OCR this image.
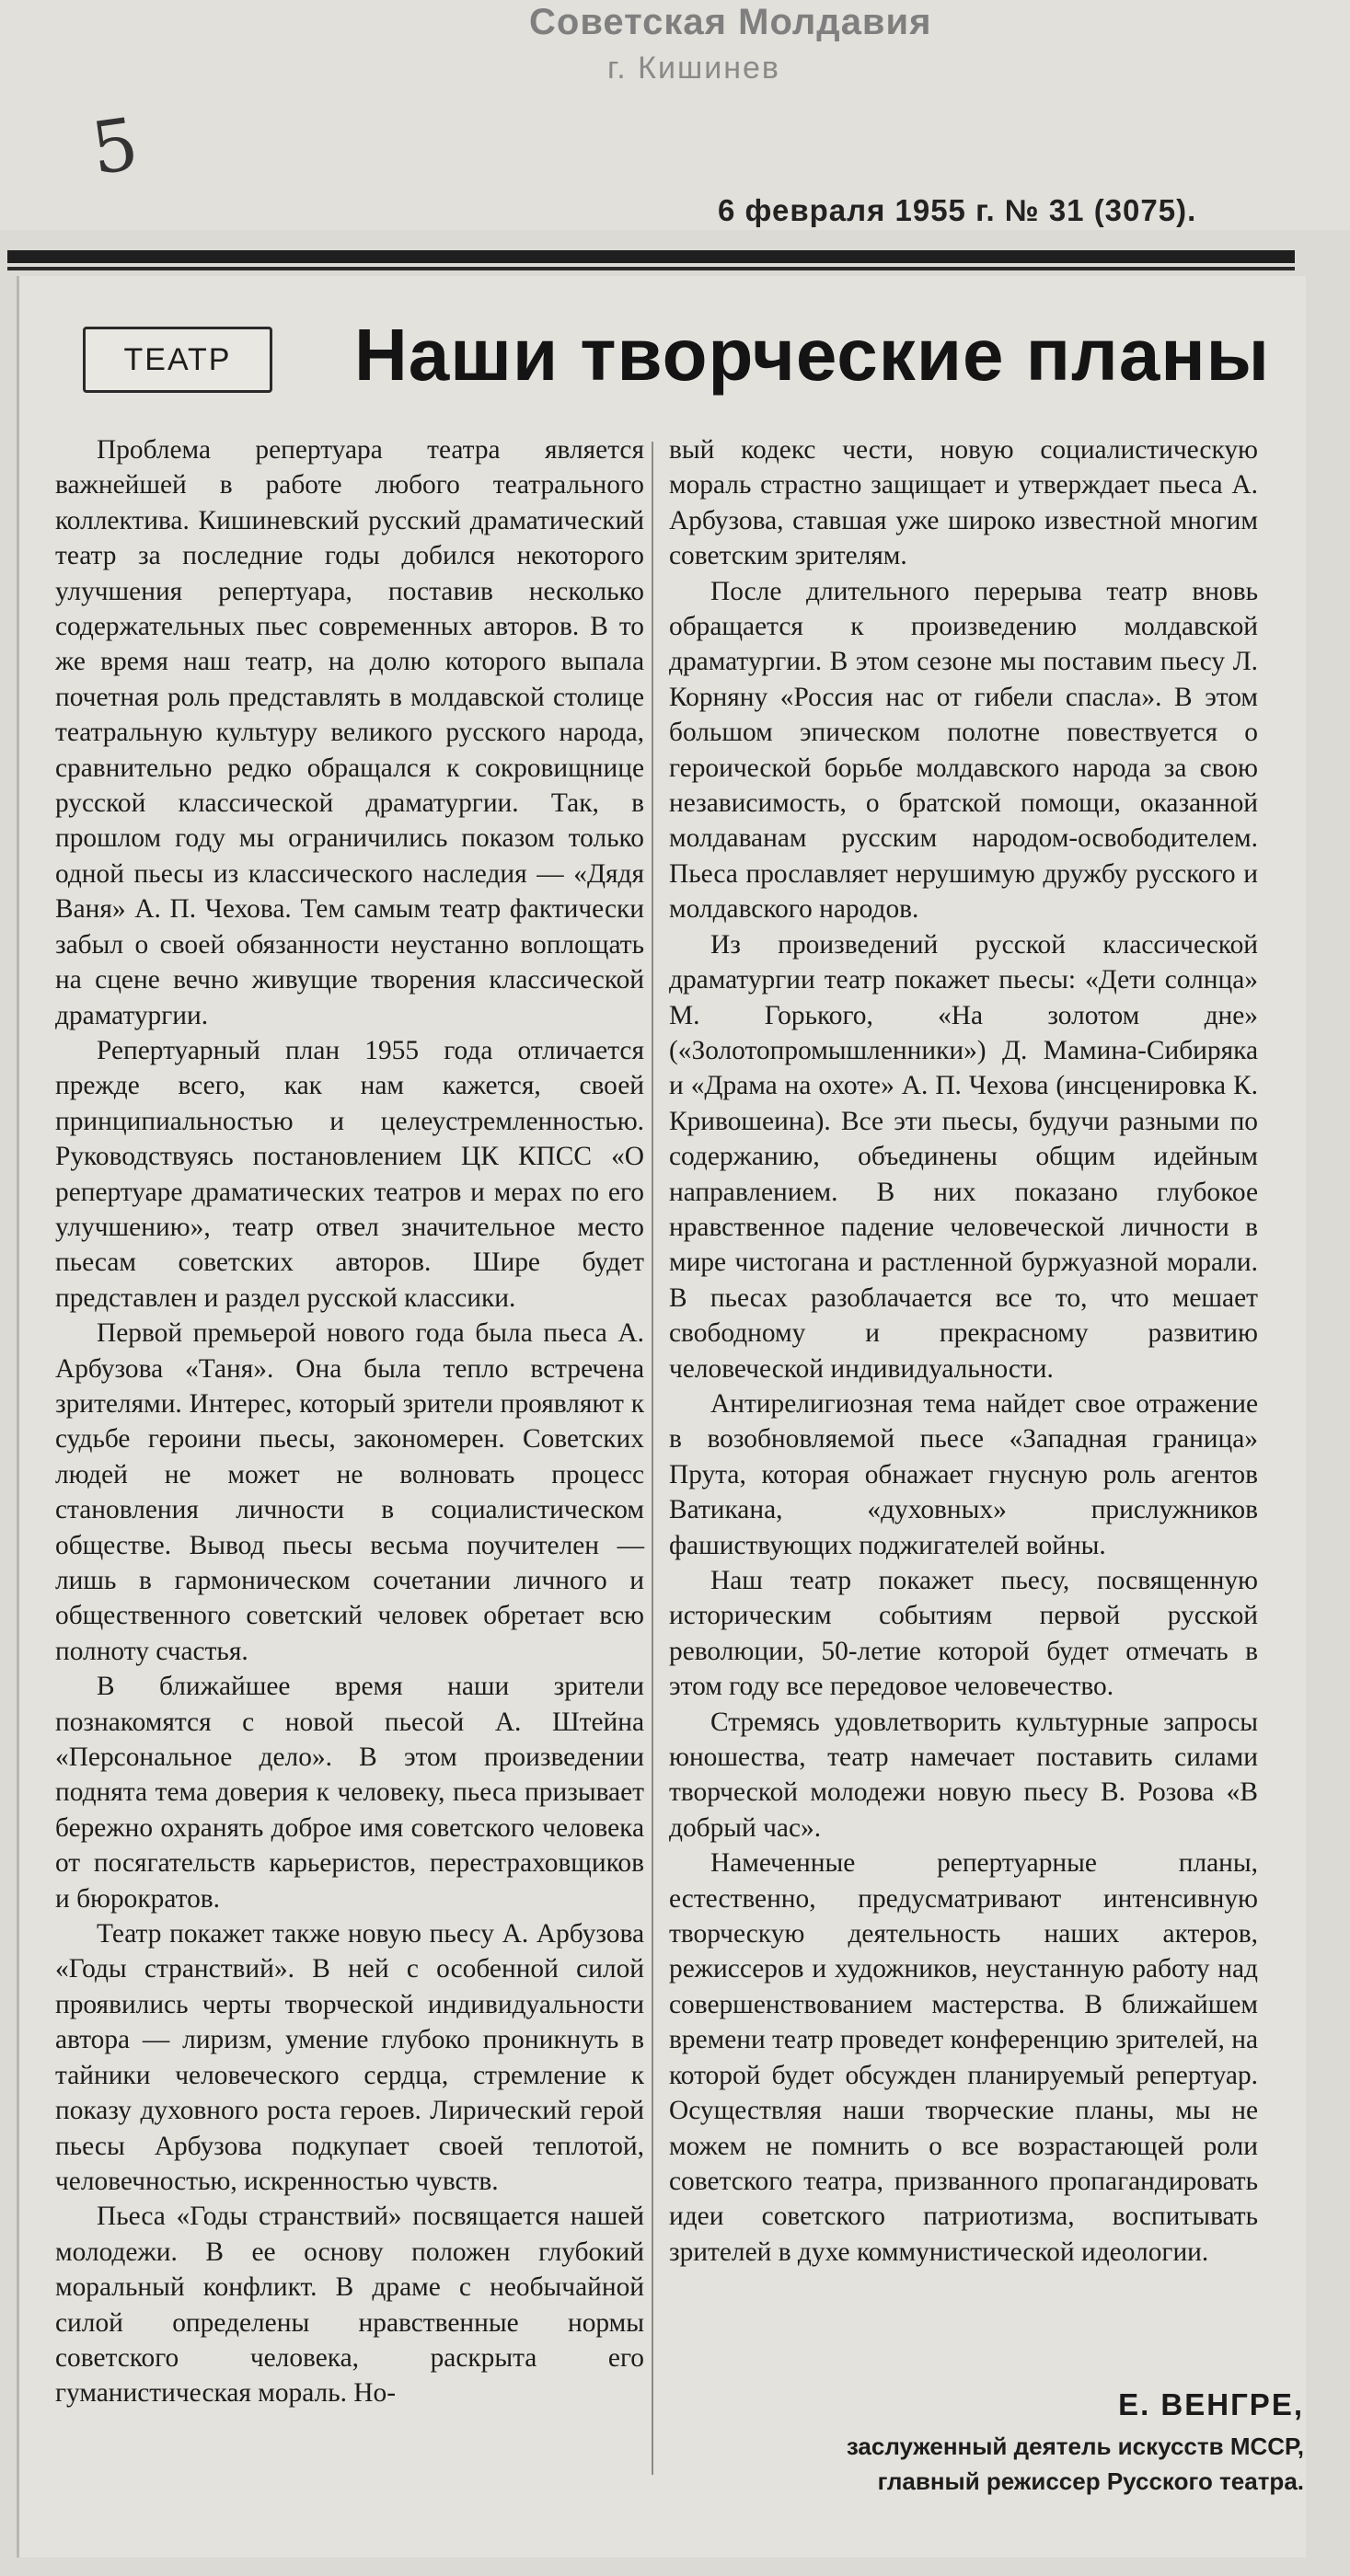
Советская Молдавия
г. Кишинев
5
6 февраля 1955 г. № 31 (3075).
ТЕАТР	Наши творческие планы

Проблема репертуара театра является важнейшей в работе любого театрального коллектива. Кишиневский русский драматический театр за последние годы добился некоторого улучшения репертуара, поставив несколько содержательных пьес современных авторов. В то же время наш театр, на долю которого выпала почетная роль представлять в молдавской столице театральную культуру великого русского народа, сравнительно редко обращался к сокровищнице русской классической драматургии. Так, в прошлом году мы ограничились показом только одной пьесы из классического наследия — «Дядя Ваня» А. П. Чехова. Тем самым театр фактически забыл о своей обязанности неустанно воплощать на сцене вечно живущие творения классической драматургии.

Репертуарный план 1955 года отличается прежде всего, как нам кажется, своей принципиальностью и целеустремленностью. Руководствуясь постановлением ЦК КПСС «О репертуаре драматических театров и мерах по его улучшению», театр отвел значительное место пьесам советских авторов. Шире будет представлен и раздел русской классики.

Первой премьерой нового года была пьеса А. Арбузова «Таня». Она была тепло встречена зрителями. Интерес, который зрители проявляют к судьбе героини пьесы, закономерен. Советских людей не может не волновать процесс становления личности в социалистическом обществе. Вывод пьесы весьма поучителен — лишь в гармоническом сочетании личного и общественного советский человек обретает всю полноту счастья.

В ближайшее время наши зрители познакомятся с новой пьесой А. Штейна «Персональное дело». В этом произведении поднята тема доверия к человеку, пьеса призывает бережно охранять доброе имя советского человека от посягательств карьеристов, перестраховщиков и бюрократов.

Театр покажет также новую пьесу А. Арбузова «Годы странствий». В ней с особенной силой проявились черты творческой индивидуальности автора — лиризм, умение глубоко проникнуть в тайники человеческого сердца, стремление к показу духовного роста героев. Лирический герой пьесы Арбузова подкупает своей теплотой, человечностью, искренностью чувств.

Пьеса «Годы странствий» посвящается нашей молодежи. В ее основу положен глубокий моральный конфликт. В драме с необычайной силой определены нравственные нормы советского человека, раскрыта его гуманистическая мораль. Но-

вый кодекс чести, новую социалистическую мораль страстно защищает и утверждает пьеса А. Арбузова, ставшая уже широко известной многим советским зрителям.

После длительного перерыва театр вновь обращается к произведению молдавской драматургии. В этом сезоне мы поставим пьесу Л. Корняну «Россия нас от гибели спасла». В этом большом эпическом полотне повествуется о героической борьбе молдавского народа за свою независимость, о братской помощи, оказанной молдаванам русским народом-освободителем. Пьеса прославляет нерушимую дружбу русского и молдавского народов.

Из произведений русской классической драматургии театр покажет пьесы: «Дети солнца» М. Горького, «На золотом дне» («Золотопромышленники») Д. Мамина-Сибиряка и «Драма на охоте» А. П. Чехова (инсценировка К. Кривошеина). Все эти пьесы, будучи разными по содержанию, объединены общим идейным направлением. В них показано глубокое нравственное падение человеческой личности в мире чистогана и растленной буржуазной морали. В пьесах разоблачается все то, что мешает свободному и прекрасному развитию человеческой индивидуальности.

Антирелигиозная тема найдет свое отражение в возобновляемой пьесе «Западная граница» Прута, которая обнажает гнусную роль агентов Ватикана, «духовных» прислужников фашиствующих поджигателей войны.

Наш театр покажет пьесу, посвященную историческим событиям первой русской революции, 50-летие которой будет отмечать в этом году все передовое человечество.

Стремясь удовлетворить культурные запросы юношества, театр намечает поставить силами творческой молодежи новую пьесу В. Розова «В добрый час».

Намеченные репертуарные планы, естественно, предусматривают интенсивную творческую деятельность наших актеров, режиссеров и художников, неустанную работу над совершенствованием мастерства. В ближайшем времени театр проведет конференцию зрителей, на которой будет обсужден планируемый репертуар. Осуществляя наши творческие планы, мы не можем не помнить о все возрастающей роли советского театра, призванного пропагандировать идеи советского патриотизма, воспитывать зрителей в духе коммунистической идеологии.

Е. ВЕНГРЕ,
заслуженный деятель искусств МССР,
главный режиссер Русского театра.
